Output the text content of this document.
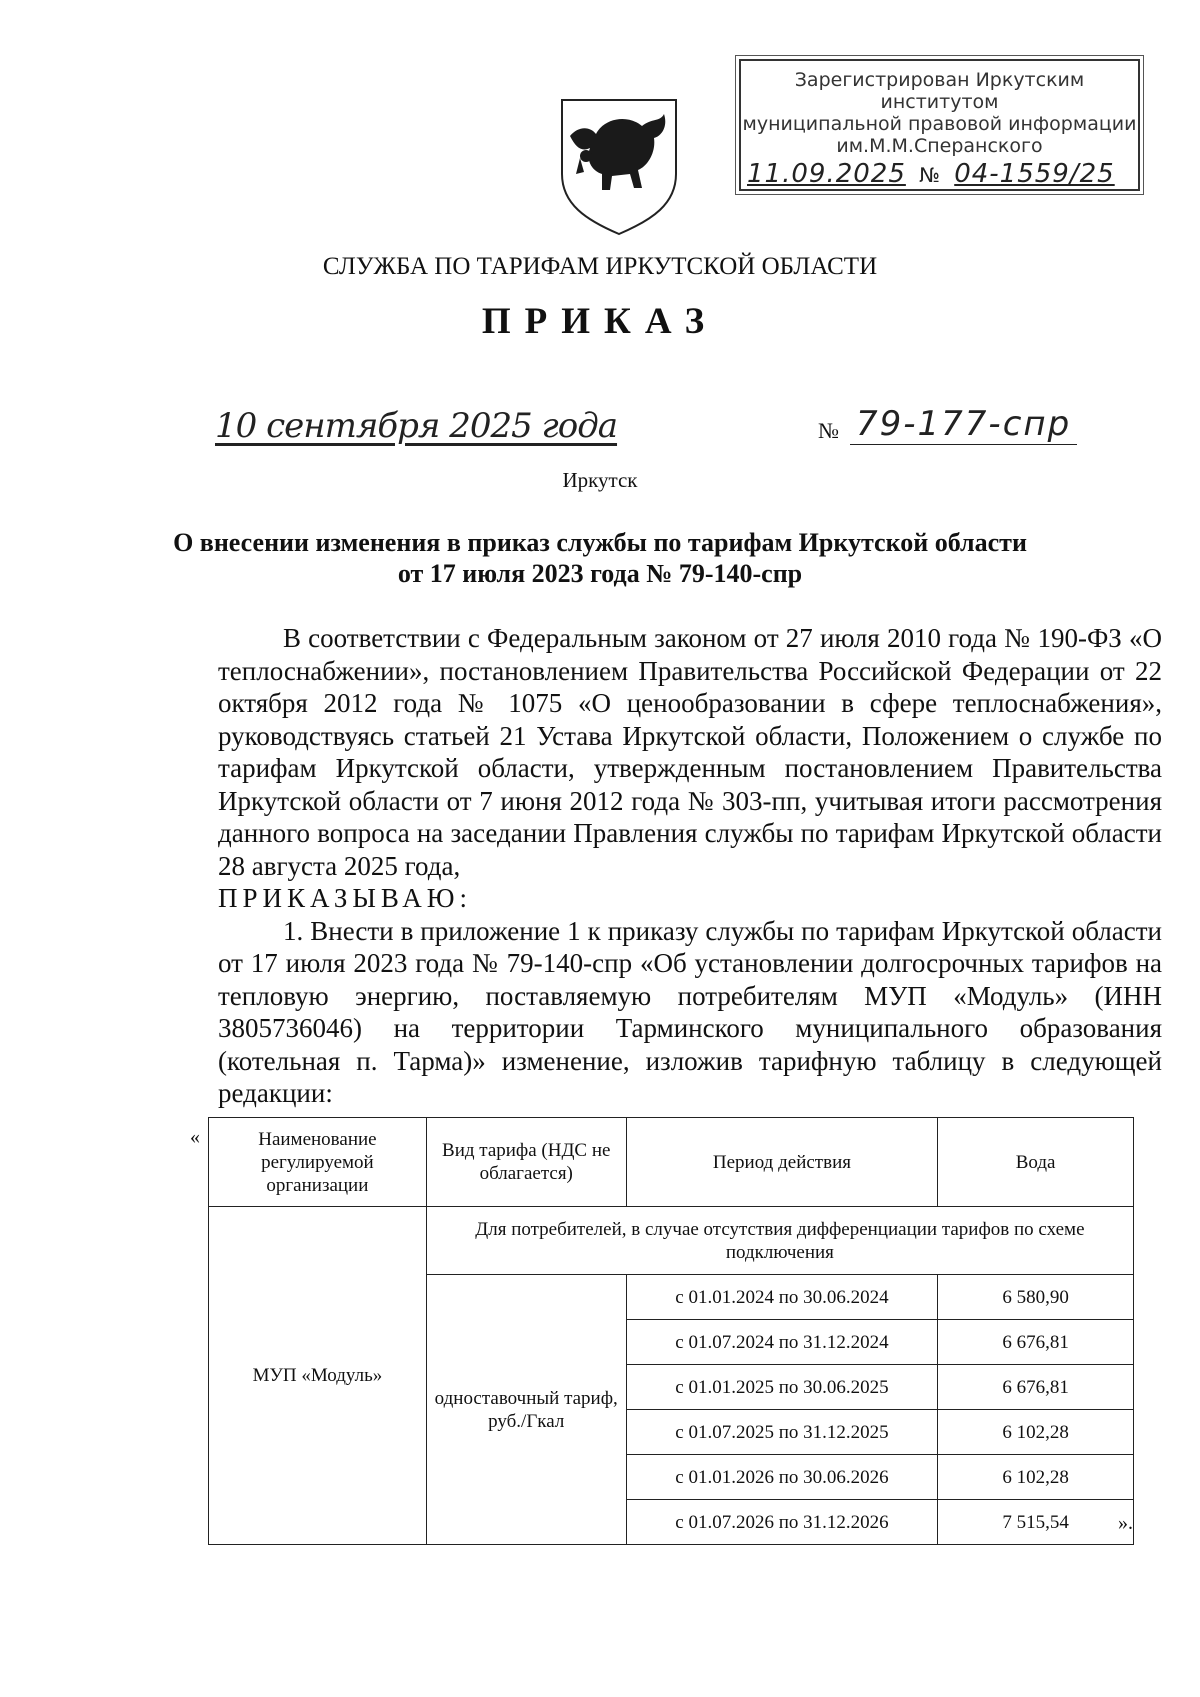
Зарегистрирован Иркутским институтом
муниципальной правовой информации
им.М.М.Сперанского
11.09.2025 № 04-1559/25
СЛУЖБА ПО ТАРИФАМ ИРКУТСКОЙ ОБЛАСТИ
ПРИКАЗ
10 сентября 2025 года	№ 79-177-спр
Иркутск
О внесении изменения в приказ службы по тарифам Иркутской области
от 17 июля 2023 года № 79-140-спр

В соответствии с Федеральным законом от 27 июля 2010 года № 190-ФЗ «О теплоснабжении», постановлением Правительства Российской Федерации от 22 октября 2012 года № 1075 «О ценообразовании в сфере теплоснабжения», руководствуясь статьей 21 Устава Иркутской области, Положением о службе по тарифам Иркутской области, утвержденным постановлением Правительства Иркутской области от 7 июня 2012 года № 303-пп, учитывая итоги рассмотрения данного вопроса на заседании Правления службы по тарифам Иркутской области 28 августа 2025 года,

ПРИКАЗЫВАЮ:

1. Внести в приложение 1 к приказу службы по тарифам Иркутской области от 17 июля 2023 года № 79-140-спр «Об установлении долгосрочных тарифов на тепловую энергию, поставляемую потребителям МУП «Модуль» (ИНН 3805736046) на территории Тарминского муниципального образования (котельная п. Тарма)» изменение, изложив тарифную таблицу в следующей редакции:

«	Наименование регулируемой организации	Вид тарифа (НДС не облагается)	Период действия	Вода
МУП «Модуль»	Для потребителей, в случае отсутствия дифференциации тарифов по схеме подключения		
	одноставочный тариф, руб./Гкал	с 01.01.2024 по 30.06.2024	6 580,90
		с 01.07.2024 по 31.12.2024	6 676,81
		с 01.01.2025 по 30.06.2025	6 676,81
		с 01.07.2025 по 31.12.2025	6 102,28
		с 01.01.2026 по 30.06.2026	6 102,28
		с 01.07.2026 по 31.12.2026	7 515,54 ».
